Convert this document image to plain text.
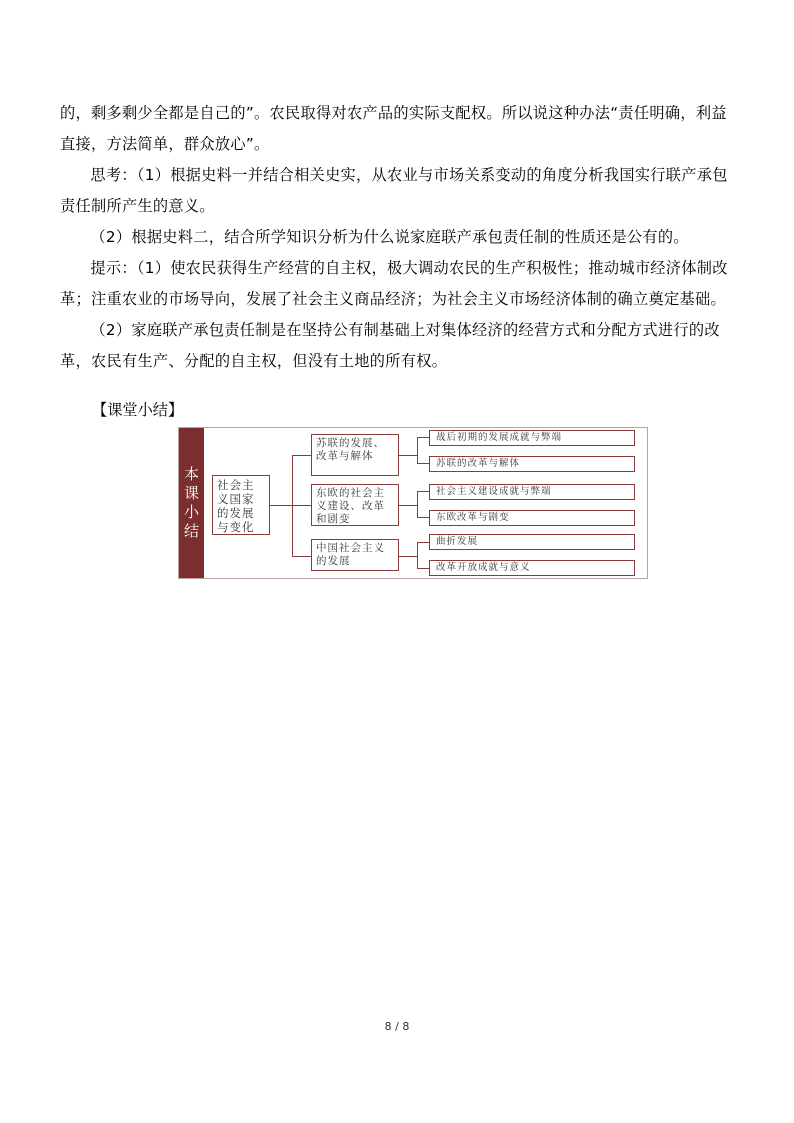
的，剩多剩少全都是自己的”。农民取得对农产品的实际支配权。所以说这种办法“责任明确，利益直接，方法简单，群众放心”。

思考：（1）根据史料一并结合相关史实，从农业与市场关系变动的角度分析我国实行联产承包责任制所产生的意义。

（2）根据史料二，结合所学知识分析为什么说家庭联产承包责任制的性质还是公有的。

提示：（1）使农民获得生产经营的自主权，极大调动农民的生产积极性；推动城市经济体制改革；注重农业的市场导向，发展了社会主义商品经济；为社会主义市场经济体制的确立奠定基础。

（2）家庭联产承包责任制是在坚持公有制基础上对集体经济的经营方式和分配方式进行的改革，农民有生产、分配的自主权，但没有土地的所有权。

【课堂小结】
本
课
小
结
社会主义国家的发展与变化
苏联的发展、改革与解体
东欧的社会主义建设、改革和剧变
中国社会主义的发展
战后初期的发展成就与弊端
苏联的改革与解体
社会主义建设成就与弊端
东欧改革与剧变
曲折发展
改革开放成就与意义
8 / 8
